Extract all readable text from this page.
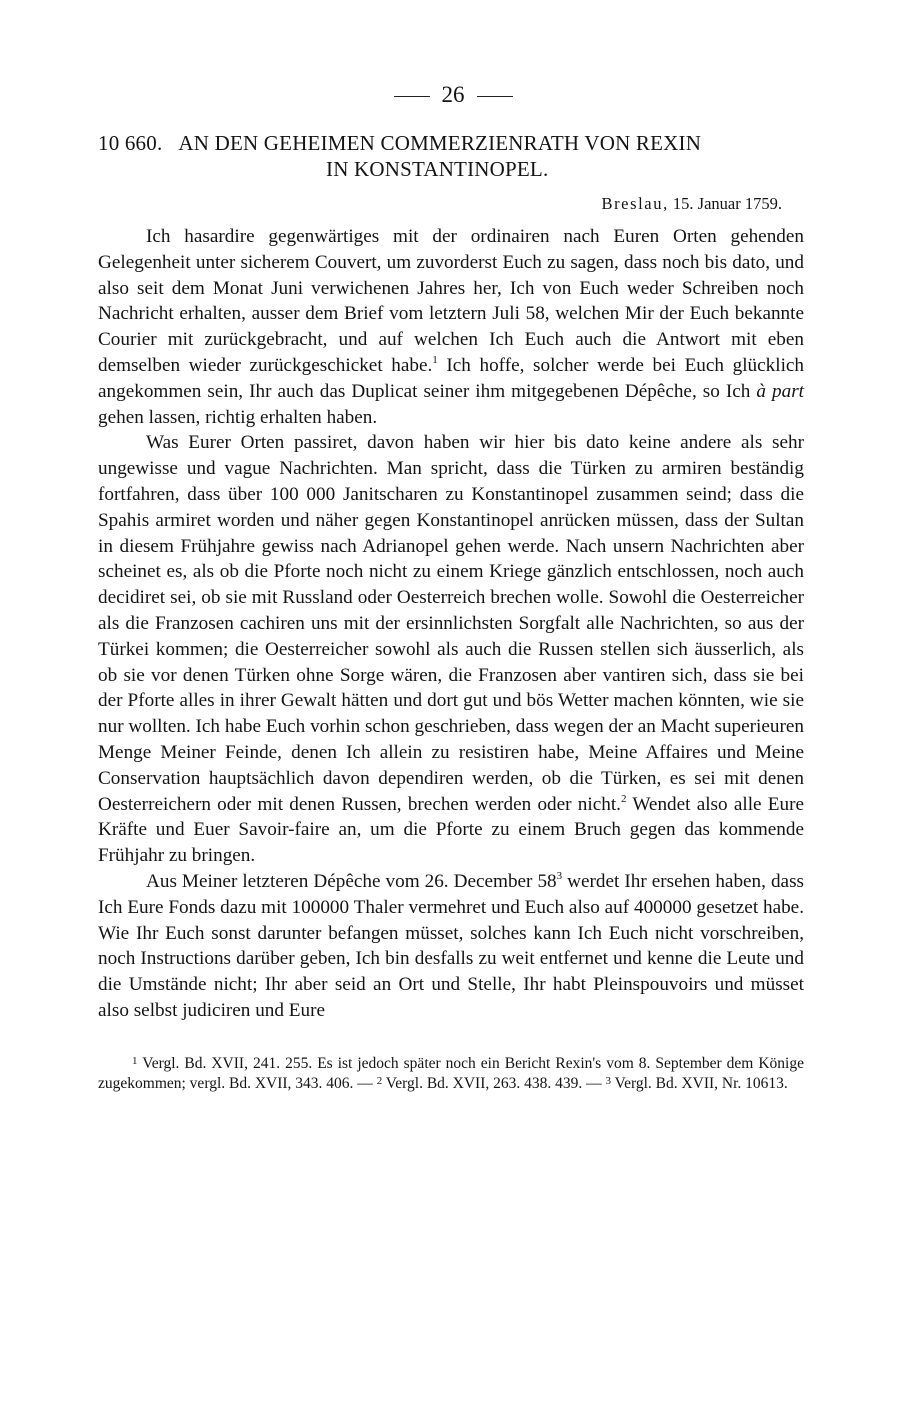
26
10 660. AN DEN GEHEIMEN COMMERZIENRATH VON REXIN
IN KONSTANTINOPEL.
Breslau, 15. Januar 1759.

Ich hasardire gegenwärtiges mit der ordinairen nach Euren Orten gehenden Gelegenheit unter sicherem Couvert, um zuvorderst Euch zu sagen, dass noch bis dato, und also seit dem Monat Juni verwichenen Jahres her, Ich von Euch weder Schreiben noch Nachricht erhalten, ausser dem Brief vom letztern Juli 58, welchen Mir der Euch bekannte Courier mit zurückgebracht, und auf welchen Ich Euch auch die Antwort mit eben demselben wieder zurückgeschicket habe.$^1$ Ich hoffe, solcher werde bei Euch glücklich angekommen sein, Ihr auch das Duplicat seiner ihm mitgegebenen Dépêche, so Ich à part gehen lassen, richtig erhalten haben.

Was Eurer Orten passiret, davon haben wir hier bis dato keine andere als sehr ungewisse und vague Nachrichten. Man spricht, dass die Türken zu armiren beständig fortfahren, dass über 100 000 Janitscharen zu Konstantinopel zusammen seind; dass die Spahis armiret worden und näher gegen Konstantinopel anrücken müssen, dass der Sultan in diesem Frühjahre gewiss nach Adrianopel gehen werde. Nach unsern Nachrichten aber scheinet es, als ob die Pforte noch nicht zu einem Kriege gänzlich entschlossen, noch auch decidiret sei, ob sie mit Russland oder Oesterreich brechen wolle. Sowohl die Oesterreicher als die Franzosen cachiren uns mit der ersinnlichsten Sorgfalt alle Nachrichten, so aus der Türkei kommen; die Oesterreicher sowohl als auch die Russen stellen sich äusserlich, als ob sie vor denen Türken ohne Sorge wären, die Franzosen aber vantiren sich, dass sie bei der Pforte alles in ihrer Gewalt hätten und dort gut und bös Wetter machen könnten, wie sie nur wollten. Ich habe Euch vorhin schon geschrieben, dass wegen der an Macht superieuren Menge Meiner Feinde, denen Ich allein zu resistiren habe, Meine Affaires und Meine Conservation hauptsächlich davon dependiren werden, ob die Türken, es sei mit denen Oesterreichern oder mit denen Russen, brechen werden oder nicht.$^2$ Wendet also alle Eure Kräfte und Euer Savoir-faire an, um die Pforte zu einem Bruch gegen das kommende Frühjahr zu bringen.

Aus Meiner letzteren Dépêche vom 26. December 58$^3$ werdet Ihr ersehen haben, dass Ich Eure Fonds dazu mit 100000 Thaler vermehret und Euch also auf 400000 gesetzet habe. Wie Ihr Euch sonst darunter befangen müsset, solches kann Ich Euch nicht vorschreiben, noch Instructions darüber geben, Ich bin desfalls zu weit entfernet und kenne die Leute und die Umstände nicht; Ihr aber seid an Ort und Stelle, Ihr habt Pleinspouvoirs und müsset also selbst judiciren und Eure

$^1$ Vergl. Bd. XVII, 241. 255. Es ist jedoch später noch ein Bericht Rexin's vom 8. September dem Könige zugekommen; vergl. Bd. XVII, 343. 406. — $^2$ Vergl. Bd. XVII, 263. 438. 439. — $^3$ Vergl. Bd. XVII, Nr. 10613.
